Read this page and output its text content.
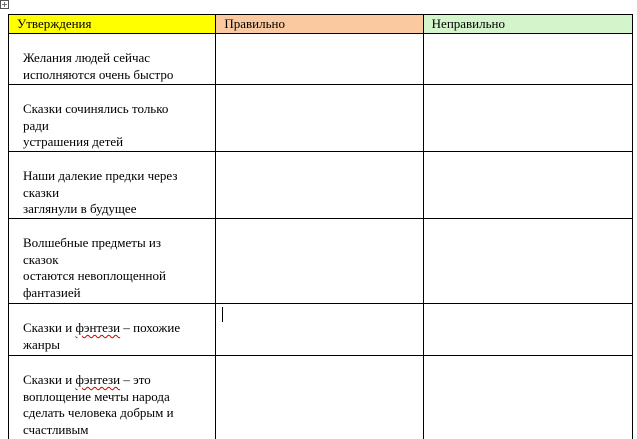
+
Утверждения	Правильно	Неправильно

Желания людей сейчас
исполняются очень быстро		

Сказки сочинялись только
ради
устрашения детей		

Наши далекие предки через
сказки
заглянули в будущее		

Волшебные предметы из
сказок
остаются невоплощенной
фантазией		

Сказки и фэнтези – похожие
жанры		

Сказки и фэнтези – это
воплощение мечты народа
сделать человека добрым и
счастливым		
